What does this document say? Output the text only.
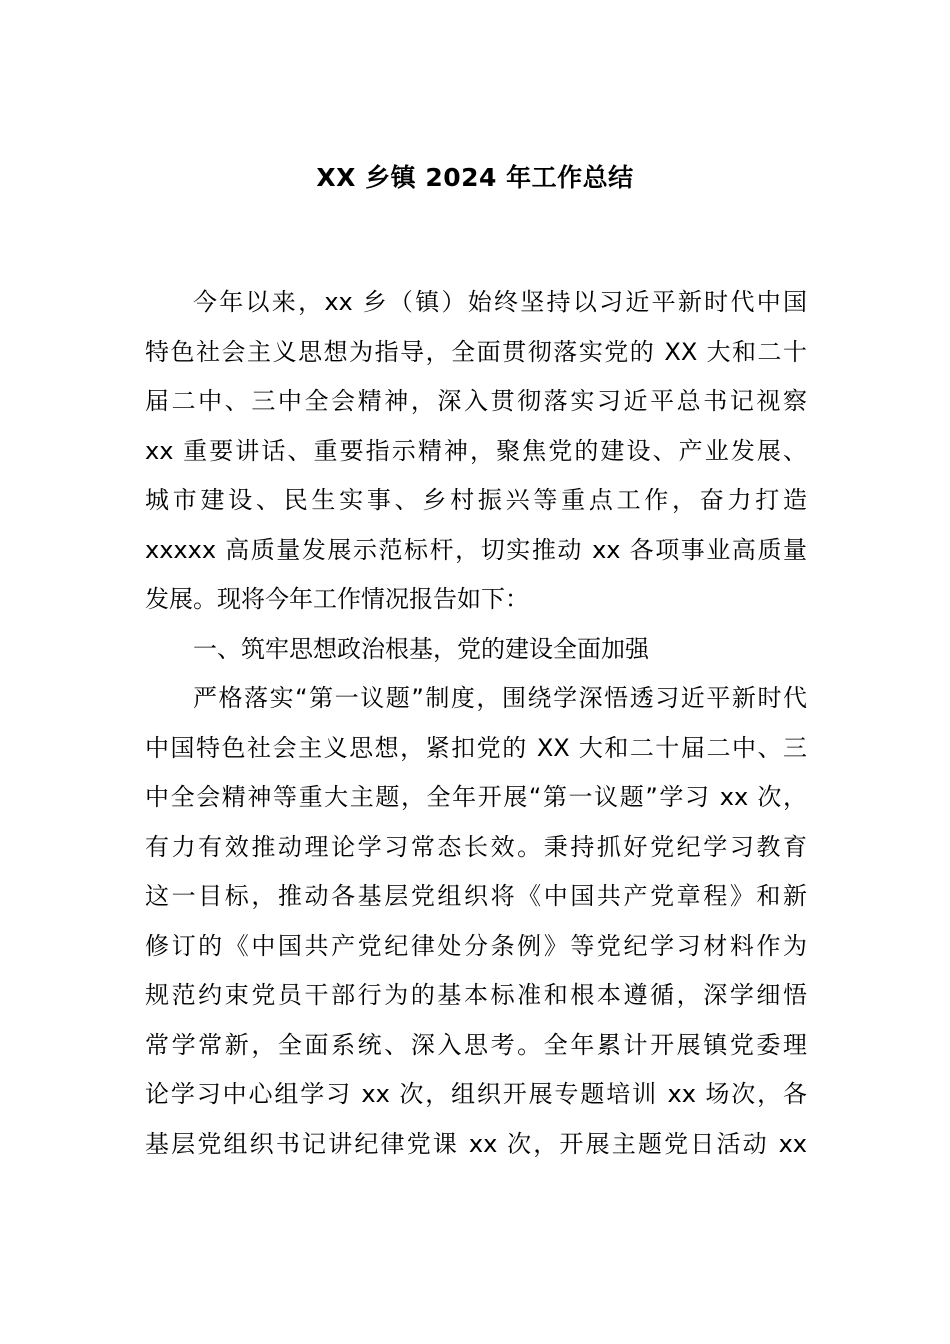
XX 乡镇 2024 年工作总结
今年以来，xx 乡（镇）始终坚持以习近平新时代中国
特色社会主义思想为指导，全面贯彻落实党的 XX 大和二十
届二中、三中全会精神，深入贯彻落实习近平总书记视察
xx 重要讲话、重要指示精神，聚焦党的建设、产业发展、
城市建设、民生实事、乡村振兴等重点工作，奋力打造
xxxxx 高质量发展示范标杆，切实推动 xx 各项事业高质量
发展。现将今年工作情况报告如下：
一、筑牢思想政治根基，党的建设全面加强
严格落实“第一议题”制度，围绕学深悟透习近平新时代
中国特色社会主义思想，紧扣党的 XX 大和二十届二中、三
中全会精神等重大主题，全年开展“第一议题”学习 xx 次，
有力有效推动理论学习常态长效。秉持抓好党纪学习教育
这一目标，推动各基层党组织将《中国共产党章程》和新
修订的《中国共产党纪律处分条例》等党纪学习材料作为
规范约束党员干部行为的基本标准和根本遵循，深学细悟
常学常新，全面系统、深入思考。全年累计开展镇党委理
论学习中心组学习 xx 次，组织开展专题培训 xx 场次，各
基层党组织书记讲纪律党课 xx 次，开展主题党日活动 xx
